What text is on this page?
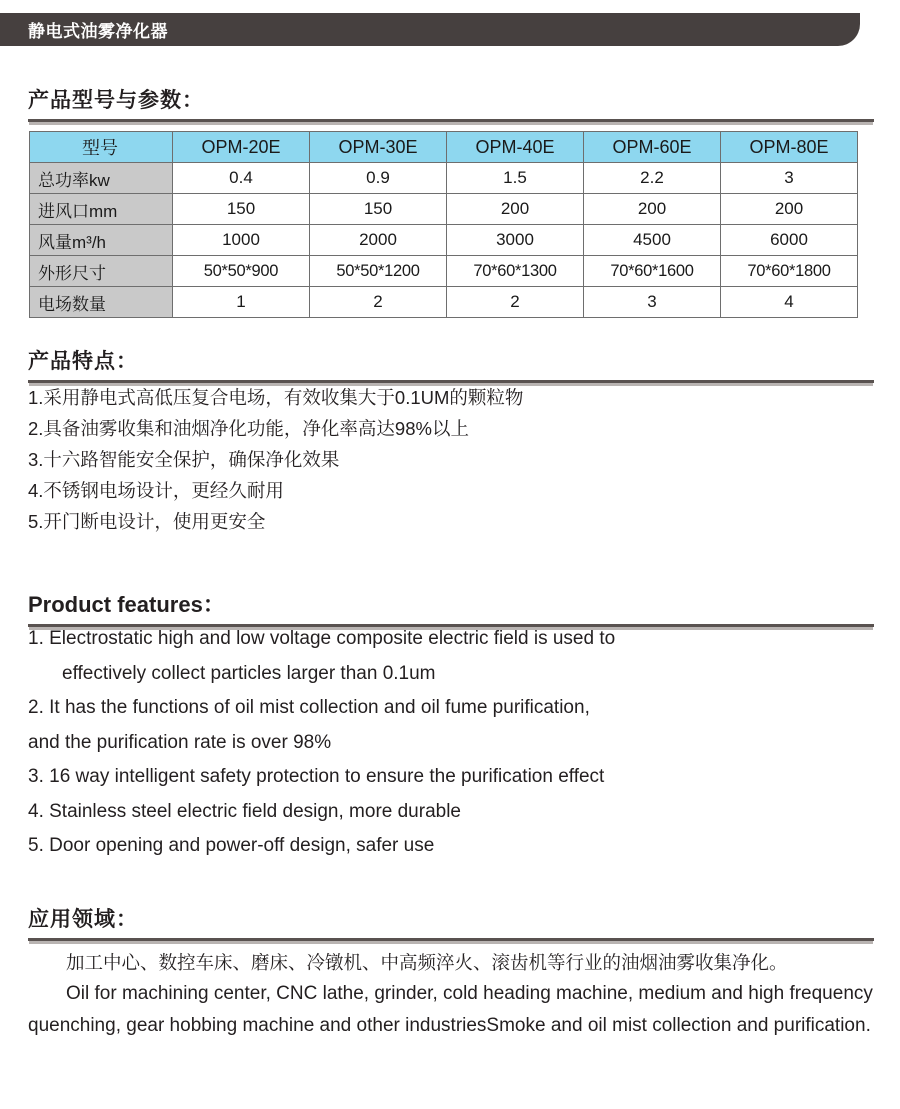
静电式油雾净化器
产品型号与参数：
型号	OPM-20E	OPM-30E	OPM-40E	OPM-60E	OPM-80E
总功率kw	0.4	0.9	1.5	2.2	3
进风口mm	150	150	200	200	200
风量m³/h	1000	2000	3000	4500	6000
外形尺寸	50*50*900	50*50*1200	70*60*1300	70*60*1600	70*60*1800
电场数量	1	2	2	3	4
产品特点：
1.采用静电式高低压复合电场，有效收集大于0.1UM的颗粒物
2.具备油雾收集和油烟净化功能，净化率高达98%以上
3.十六路智能安全保护，确保净化效果
4.不锈钢电场设计，更经久耐用
5.开门断电设计，使用更安全
Product features：
1. Electrostatic high and low voltage composite electric field is used to
effectively collect particles larger than 0.1um
2. It has the functions of oil mist collection and oil fume purification,
and the purification rate is over 98%
3. 16 way intelligent safety protection to ensure the purification effect
4. Stainless steel electric field design, more durable
5. Door opening and power-off design, safer use
应用领域：

加工中心、数控车床、磨床、冷镦机、中高频淬火、滚齿机等行业的油烟油雾收集净化。

Oil for machining center, CNC lathe, grinder, cold heading machine, medium and high frequency quenching, gear hobbing machine and other industriesSmoke and oil mist collection and purification.
